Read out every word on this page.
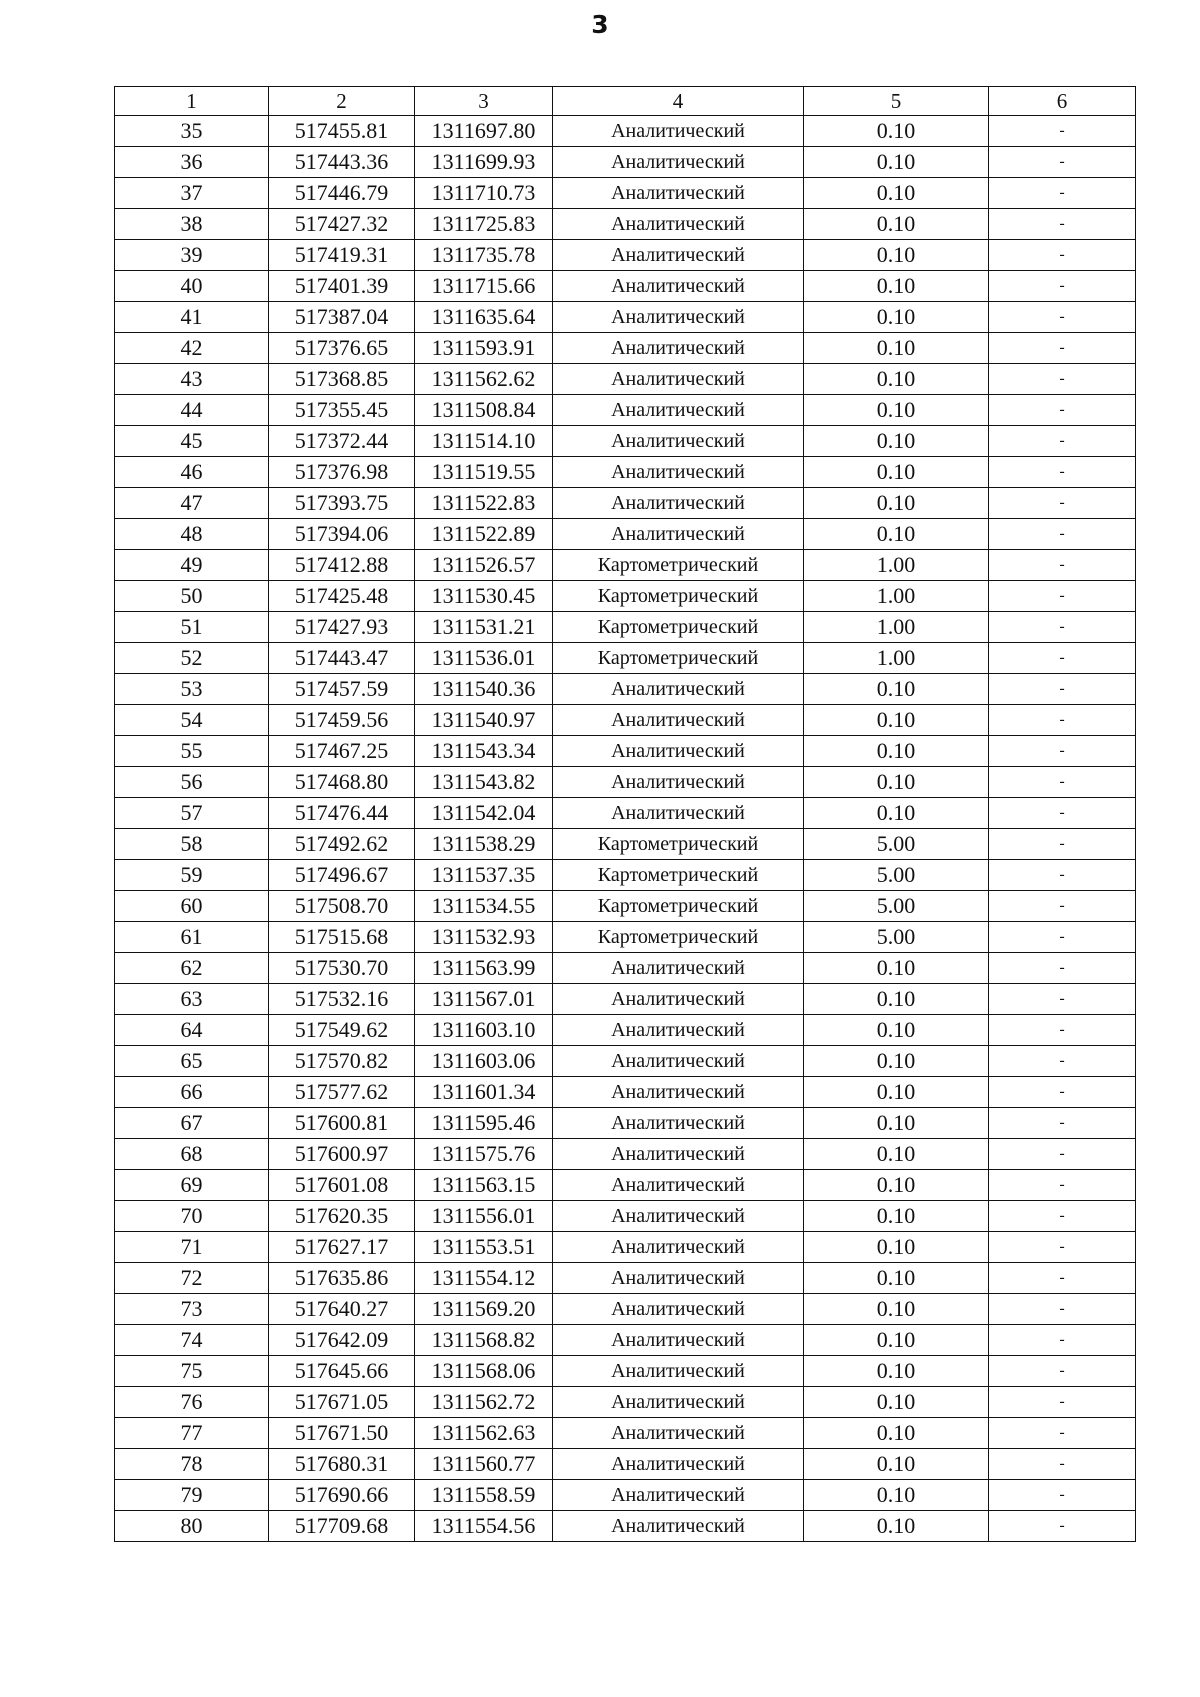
3
1	2	3	4	5	6
35	517455.81	1311697.80	Аналитический	0.10	-
36	517443.36	1311699.93	Аналитический	0.10	-
37	517446.79	1311710.73	Аналитический	0.10	-
38	517427.32	1311725.83	Аналитический	0.10	-
39	517419.31	1311735.78	Аналитический	0.10	-
40	517401.39	1311715.66	Аналитический	0.10	-
41	517387.04	1311635.64	Аналитический	0.10	-
42	517376.65	1311593.91	Аналитический	0.10	-
43	517368.85	1311562.62	Аналитический	0.10	-
44	517355.45	1311508.84	Аналитический	0.10	-
45	517372.44	1311514.10	Аналитический	0.10	-
46	517376.98	1311519.55	Аналитический	0.10	-
47	517393.75	1311522.83	Аналитический	0.10	-
48	517394.06	1311522.89	Аналитический	0.10	-
49	517412.88	1311526.57	Картометрический	1.00	-
50	517425.48	1311530.45	Картометрический	1.00	-
51	517427.93	1311531.21	Картометрический	1.00	-
52	517443.47	1311536.01	Картометрический	1.00	-
53	517457.59	1311540.36	Аналитический	0.10	-
54	517459.56	1311540.97	Аналитический	0.10	-
55	517467.25	1311543.34	Аналитический	0.10	-
56	517468.80	1311543.82	Аналитический	0.10	-
57	517476.44	1311542.04	Аналитический	0.10	-
58	517492.62	1311538.29	Картометрический	5.00	-
59	517496.67	1311537.35	Картометрический	5.00	-
60	517508.70	1311534.55	Картометрический	5.00	-
61	517515.68	1311532.93	Картометрический	5.00	-
62	517530.70	1311563.99	Аналитический	0.10	-
63	517532.16	1311567.01	Аналитический	0.10	-
64	517549.62	1311603.10	Аналитический	0.10	-
65	517570.82	1311603.06	Аналитический	0.10	-
66	517577.62	1311601.34	Аналитический	0.10	-
67	517600.81	1311595.46	Аналитический	0.10	-
68	517600.97	1311575.76	Аналитический	0.10	-
69	517601.08	1311563.15	Аналитический	0.10	-
70	517620.35	1311556.01	Аналитический	0.10	-
71	517627.17	1311553.51	Аналитический	0.10	-
72	517635.86	1311554.12	Аналитический	0.10	-
73	517640.27	1311569.20	Аналитический	0.10	-
74	517642.09	1311568.82	Аналитический	0.10	-
75	517645.66	1311568.06	Аналитический	0.10	-
76	517671.05	1311562.72	Аналитический	0.10	-
77	517671.50	1311562.63	Аналитический	0.10	-
78	517680.31	1311560.77	Аналитический	0.10	-
79	517690.66	1311558.59	Аналитический	0.10	-
80	517709.68	1311554.56	Аналитический	0.10	-
